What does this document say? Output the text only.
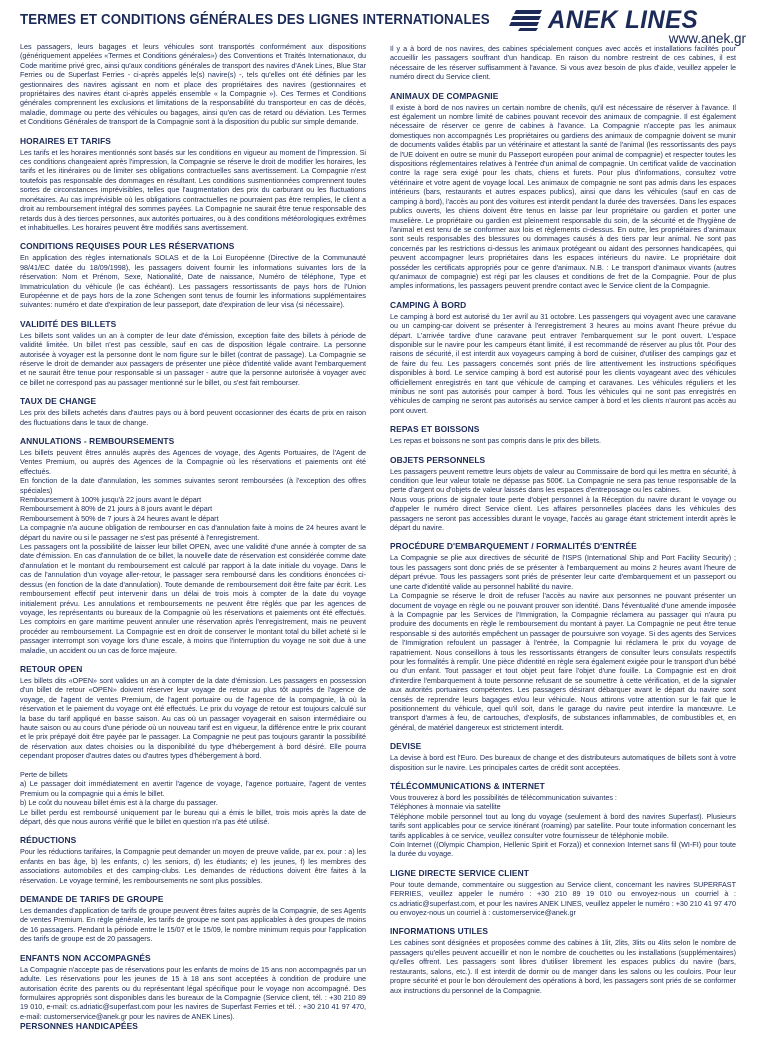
TERMES ET CONDITIONS GÉNÉRALES DES LIGNES INTERNATIONALES ANEK LINES
www.anek.gr

Les passagers, leurs bagages et leurs véhicules sont transportés conformément aux dispositions (génériquement appelées «Termes et Conditions générales») des Conventions et Traités Internationaux, du Code maritime privé grec, ainsi qu'aux conditions générales de transport des navires d'Anek Lines, Blue Star Ferries ou de Superfast Ferries - ci-après appelés le(s) navire(s) -, tels qu'elles ont été définies par les gestionnaires des navires agissant en nom et place des propriétaires des navires (gestionnaires et propriétaires des navires étant ci-après appelés ensemble « la Compagnie »). Ces Termes et Conditions générales comprennent les exclusions et limitations de la responsabilité du transporteur en cas de décès, maladie, dommage ou perte des véhicules ou bagages, ainsi qu'en cas de retard ou déviation. Les Termes et Conditions Générales de transport de la Compagnie sont à la disposition du public sur simple demande.

HORAIRES ET TARIFS

Les tarifs et les horaires mentionnés sont basés sur les conditions en vigueur au moment de l'impression. Si ces conditions changeaient après l'impression, la Compagnie se réserve le droit de modifier les horaires, les tarifs et les itinéraires ou de limiter ses obligations contractuelles sans avertissement. La Compagnie n'est toutefois pas responsable des dommages en résultant. Les conditions susmentionnées comprennent toutes sortes de circonstances imprévisibles, telles que l'augmentation des prix du carburant ou les fluctuations monétaires. Au cas imprévisible où les obligations contractuelles ne pourraient pas être remplies, le client a droit au remboursement intégral des sommes payées. La Compagnie ne saurait être tenue responsable des retards dus à des tierces personnes, aux autorités portuaires, ou à des conditions météorologiques extrêmes et inhabituelles. Les horaires peuvent être modifiés sans avertissement.

CONDITIONS REQUISES POUR LES RÉSERVATIONS

En application des règles internationals SOLAS et de la Loi Européenne (Directive de la Communauté 98/41/EC datée du 18/09/1998), les passagers doivent fournir les informations suivantes lors de la réservation: Nom et Prénom, Sexe, Nationalité, Date de naissance, Numéro de téléphone, Type et Immatriculation du véhicule (le cas échéant). Les passagers ressortissants de pays hors de l'Union Européenne et de pays hors de la zone Schengen sont tenus de fournir les informations supplémentaires suivantes: numéro et date d'expiration de leur passeport, date d'expiration de leur visa (si nécessaire).

VALIDITÉ DES BILLETS

Les billets sont valides un an à compter de leur date d'émission, exception faite des billets à période de validité limitée. Un billet n'est pas cessible, sauf en cas de disposition légale contraire. La personne autorisée à voyager est la personne dont le nom figure sur le billet (contrat de passage). La Compagnie se réserve le droit de demander aux passagers de présenter une pièce d'identité valide avant l'embarquement et ne saurait être tenue pour responsable si un passager - autre que la personne autorisée à voyager avec ce billet ne correspond pas au passager mentionné sur le billet, ou s'est fait rembourser.

TAUX DE CHANGE

Les prix des billets achetés dans d'autres pays ou à bord peuvent occasionner des écarts de prix en raison des fluctuations dans le taux de change.

ANNULATIONS - REMBOURSEMENTS

Les billets peuvent êtres annulés auprès des Agences de voyage, des Agents Portuaires, de l'Agent de Ventes Premium, ou auprès des Agences de la Compagnie où les réservations et paiements ont été effectués.
En fonction de la date d'annulation, les sommes suivantes seront remboursées (à l'exception des offres spéciales)
Remboursement à 100% jusqu'à 22 jours avant le départ
Remboursement à 80% de 21 jours à 8 jours avant le départ
Remboursement à 50% de 7 jours à 24 heures avant le départ
La compagnie n'a aucune obligation de rembourser en cas d'annulation faite à moins de 24 heures avant le départ du navire ou si le passager ne s'est pas présenté à l'enregistrement.
Les passagers ont la possibilité de laisser leur billet OPEN, avec une validité d'une année à compter de sa date d'émission. En cas d'annulation de ce billet, la nouvelle date de réservation est considérée comme date d'annulation et le montant du remboursement est calculé par rapport à la date initiale du voyage. Dans le cas de l'annulation d'un voyage aller-retour, le passager sera remboursé dans les conditions énoncées ci-dessus (en fonction de la date d'annulation). Toute demande de remboursement doit être faite par écrit. Les remboursement effectif peut intervenir dans un délai de trois mois à compter de la date du voyage initialement prévu. Les annulations et remboursements ne peuvent être réglés que par les agences de voyage, les représentants ou bureaux de la Compagnie où les réservations et paiements ont été effectués. Les comptoirs en gare maritime peuvent annuler une réservation après l'enregistrement, mais ne peuvent procéder au remboursement. La Compagnie est en droit de conserver le montant total du billet acheté si le passager interrompt son voyage lors d'une escale, à moins que l'interruption du voyage ne soit due à une maladie, un accident ou un cas de force majeure.

RETOUR OPEN

Les billets dits «OPEN» sont valides un an à compter de la date d'émission. Les passagers en possession d'un billet de retour «OPEN» doivent réserver leur voyage de retour au plus tôt auprès de l'agence de voyage, de l'agent de ventes Premium, de l'agent portuaire ou de l'agence de la compagnie, là où la réservation et le paiement du voyage ont été effectués. Le prix du voyage de retour est toujours calculé sur la base du tarif appliqué en basse saison. Au cas où un passager voyagerait en saison intermédiaire ou haute saison ou au cours d'une période où un nouveau tarif est en vigueur, la différence entre le prix courant et le prix prépayé doit être payée par le passager. La Compagnie ne peut pas toujours garantir la possibilité de réservation aux dates choisies ou la disponibilité du type d'hébergement à bord désiré. Elle pourra cependant proposer d'autres dates ou d'autres types d'hébergement à bord.

Perte de billets
a) Le passager doit immédiatement en avertir l'agence de voyage, l'agence portuaire, l'agent de ventes Premium ou la compagnie qui a émis le billet.
b) Le coût du nouveau billet émis est à la charge du passager.
Le billet perdu est remboursé uniquement par le bureau qui a émis le billet, trois mois après la date de départ, dès que nous aurons vérifié que le billet en question n'a pas été utilisé.

RÉDUCTIONS

Pour les réductions tarifaires, la Compagnie peut demander un moyen de preuve valide, par ex. pour : a) les enfants en bas âge, b) les enfants, c) les seniors, d) les étudiants; e) les jeunes, f) les membres des associations automobiles et des camping-clubs. Les demandes de réductions doivent être faites à la réservation. Le voyage terminé, les remboursements ne sont plus possibles.

DEMANDE DE TARIFS DE GROUPE

Les demandes d'application de tarifs de groupe peuvent êtres faites auprès de la Compagnie, de ses Agents de ventes Premium. En règle générale, les tarifs de groupe ne sont pas applicables à des groupes de moins de 16 passagers. Pendant la période entre le 15/07 et le 15/09, le nombre minimum requis pour l'application des tarifs de groupe est de 20 passagers.

ENFANTS NON ACCOMPAGNÉS

La Compagnie n'accepte pas de réservations pour les enfants de moins de 15 ans non accompagnés par un adulte. Les réservations pour les jeunes de 15 à 18 ans sont acceptées à condition de produire une autorisation écrite des parents ou du représentant légal spécifique pour le voyage non accompagné. Des formulaires appropriés sont disponibles dans les bureaux de la Compagnie (Service client, tél. : +30 210 89 19 010, e-mail: cs.adriatic@superfast.com pour les navires de Superfast Ferries et tél. : +30 210 41 97 470, e-mail: customerservice@anek.gr pour les navires de ANEK Lines).

PERSONNES HANDICAPÉES

Il y a à bord de nos navires, des cabines spécialement conçues avec accès et installations facilités pour accueillir les passagers souffrant d'un handicap. En raison du nombre restreint de ces cabines, il est nécessaire de les réserver suffisamment à l'avance. Si vous avez besoin de plus d'aide, veuillez appeler le numéro direct du Service client.

ANIMAUX DE COMPAGNIE

Il existe à bord de nos navires un certain nombre de chenils, qu'il est nécessaire de réserver à l'avance. Il est également un nombre limité de cabines pouvant recevoir des animaux de compagnie. Il est également nécessaire de réserver ce genre de cabines à l'avance. La Compagnie n'accepte pas les animaux domestiques non accompagnés Les propriétaires ou gardiens des animaux de compagnie doivent se munir de documents valides établis par un vétérinaire et attestant la santé de l'animal (les ressortissants des pays de l'UE doivent en outre se munir du Passeport européen pour animal de compagnie) et respecter toutes les dispositions réglementaires relatives à l'entrée d'un animal de compagnie. Un certificat valide de vaccination contre la rage sera exigé pour les chats, chiens et furets. Pour plus d'informations, consultez votre vétérinaire et votre agent de voyage local. Les animaux de compagnie ne sont pas admis dans les espaces intérieurs (bars, restaurants et autres espaces publics), ainsi que dans les véhicules (sauf en cas de camping à bord), l'accès au pont des voitures est interdit pendant la durée des traversées. Dans les espaces publics ouverts, les chiens doivent être tenus en laisse par leur propriétaire ou gardien et porter une muselière. Le propriétaire ou gardien est pleinement responsable du soin, de la sécurité et de l'hygiène de l'animal et est tenu de se conformer aux lois et règlements ci-dessus. En outre, les propriétaires d'animaux sont seuls responsables des blessures ou dommages causés à des tiers par leur animal. Ne sont pas concernés par les restrictions ci-dessus les animaux protégeant ou aidant des personnes handicapées, qui peuvent accompagner leurs propriétaires dans les espaces intérieurs du navire. Le propriétaire doit posséder les certificats appropriés pour ce genre d'animaux. N.B. : Le transport d'animaux vivants (autres qu'animaux de compagnie) est régi par les clauses et conditions de fret de la Compagnie. Pour de plus amples informations, les passagers peuvent prendre contact avec le Service client de la Compagnie.

CAMPING À BORD

Le camping à bord est autorisé du 1er avril au 31 octobre. Les passengers qui voyagent avec une caravane ou un camping-car doivent se présenter à l'enregistrement 3 heures au moins avant l'heure prévue du départ. L'arrivée tardive d'une caravane peut entraver l'embarquement sur le pont ouvert. L'espace disponible sur le navire pour les campeurs étant limité, il est recommandé de réserver au plus tôt. Pour des raisons de sécurité, il est interdit aux voyageurs camping à bord de cuisiner, d'utiliser des campings gaz et de faire du feu. Les passagers concernés sont priés de lire attentivement les instructions spécifiques disponibles à bord. Le service camping à bord est autorisé pour les clients voyageant avec des véhicules officiellement enregistrés en tant que véhicule de camping et caravanes. Les véhicules réguliers et les minibus ne sont pas autorisés pour camper à bord. Tous les véhicules qui ne sont pas enregistrés en véhicules de camping ne seront pas autorisés au service camper à bord et les clients n'auront pas accès au pont ouvert.

REPAS ET BOISSONS

Les repas et boissons ne sont pas compris dans le prix des billets.

OBJETS PERSONNELS

Les passagers peuvent remettre leurs objets de valeur au Commissaire de bord qui les mettra en sécurité, à condition que leur valeur totale ne dépasse pas 500€. La Compagnie ne sera pas tenue responsable de la perte d'argent ou d'objets de valeur laissés dans les espaces d'entreposage ou les cabines.
Nous vous prions de signaler toute perte d'objet personnel à la Réception du navire durant le voyage ou d'appeler le numéro direct Service client. Les affaires personnelles placées dans les véhicules des passagers ne seront pas accessibles durant le voyage, l'accès au garage étant strictement interdit après le départ du navire.

PROCÉDURE D'EMBARQUEMENT / FORMALITÉS D'ENTRÉE

La Compagnie se plie aux directives de sécurité de l'ISPS (International Ship and Port Facility Security) ; tous les passagers sont donc priés de se présenter à l'embarquement au moins 2 heures avant l'heure de départ prévue. Tous les passagers sont priés de présenter leur carte d'embarquement et un passeport ou une carte d'identité valide au personnel habilité du navire.
La Compagnie se réserve le droit de refuser l'accès au navire aux personnes ne pouvant présenter un document de voyage en règle ou ne pouvant prouver son identité. Dans l'éventualité d'une amende imposée à la Compagnie par les Services de l'Immigration, la Compagnie réclamera au passager qui n'aura pu produire des documents en règle le remboursement du montant à payer. La Compagnie ne peut être tenue responsable si des autorités empêchent un passager de poursuivre son voyage. Si des agents des Services de l'Immigration refoulent un passager à l'entrée, la Compagnie lui réclamera le prix du voyage de rapatriement. Nous conseillons à tous les ressortissants étrangers de consulter leurs consulats respectifs pour les formalités à remplir. Une pièce d'identité en règle sera également exigée pour le transport d'un bébé ou d'un enfant. Tout passager et tout objet peut faire l'objet d'une fouille. La Compagnie est en droit d'interdire l'embarquement à toute personne refusant de se soumettre à cette vérification, et de la signaler aux autorités portuaires compétentes. Les passagers désirant débarquer avant le départ du navire sont censés de reprendre leurs bagages et/ou leur véhicule. Nous attirons votre attention sur le fait que le positionnement du véhicule, quel qu'il soit, dans le garage du navire peut interdire la manœuvre. Le transport d'armes à feu, de cartouches, d'explosifs, de substances inflammables, de combustibles et, en général, de matériel dangereux est strictement interdit.

DEVISE

La devise à bord est l'Euro. Des bureaux de change et des distributeurs automatiques de billets sont à votre disposition sur le navire. Les principales cartes de crédit sont acceptées.

TÉLÉCOMMUNICATIONS & INTERNET

Vous trouverez à bord les possibilités de télécommunication suivantes :
Téléphones à monnaie via satellite
Téléphone mobile personnel tout au long du voyage (seulement à bord des navires Superfast). Plusieurs tarifs sont applicables pour ce service itinérant (roaming) par satellite. Pour toute information concernant les tarifs applicables à ce service, veuillez consulter votre fournisseur de téléphonie mobile.
Coin Internet ((Olympic Champion, Hellenic Spirit et Forza)) et connexion Internet sans fil (WI-FI) pour toute la durée du voyage.

LIGNE DIRECTE SERVICE CLIENT

Pour toute demande, commentaire ou suggestion au Service client, concernant les navires SUPERFAST FERRIES, veuillez appeler le numéro : +30 210 89 19 010 ou envoyez-nous un courriel à : cs.adriatic@superfast.com, et pour les navires ANEK LINES, veuillez appeler le numéro : +30 210 41 97 470 ou envoyez-nous un courriel à : customerservice@anek.gr

INFORMATIONS UTILES

Les cabines sont désignées et proposées comme des cabines à 1lit, 2lits, 3lits ou 4lits selon le nombre de passagers qu'elles peuvent accueillir et non le nombre de couchettes ou les installations (supplémentaires) qu'elles offrent. Les passagers sont libres d'utiliser librement les espaces publics du navire (bars, restaurants, salons, etc.). Il est interdit de dormir ou de manger dans les salons ou les couloirs. Pour leur propre sécurité et pour le bon déroulement des opérations à bord, les passagers sont priés de se conformer aux instructions du personnel de la Compagnie.
